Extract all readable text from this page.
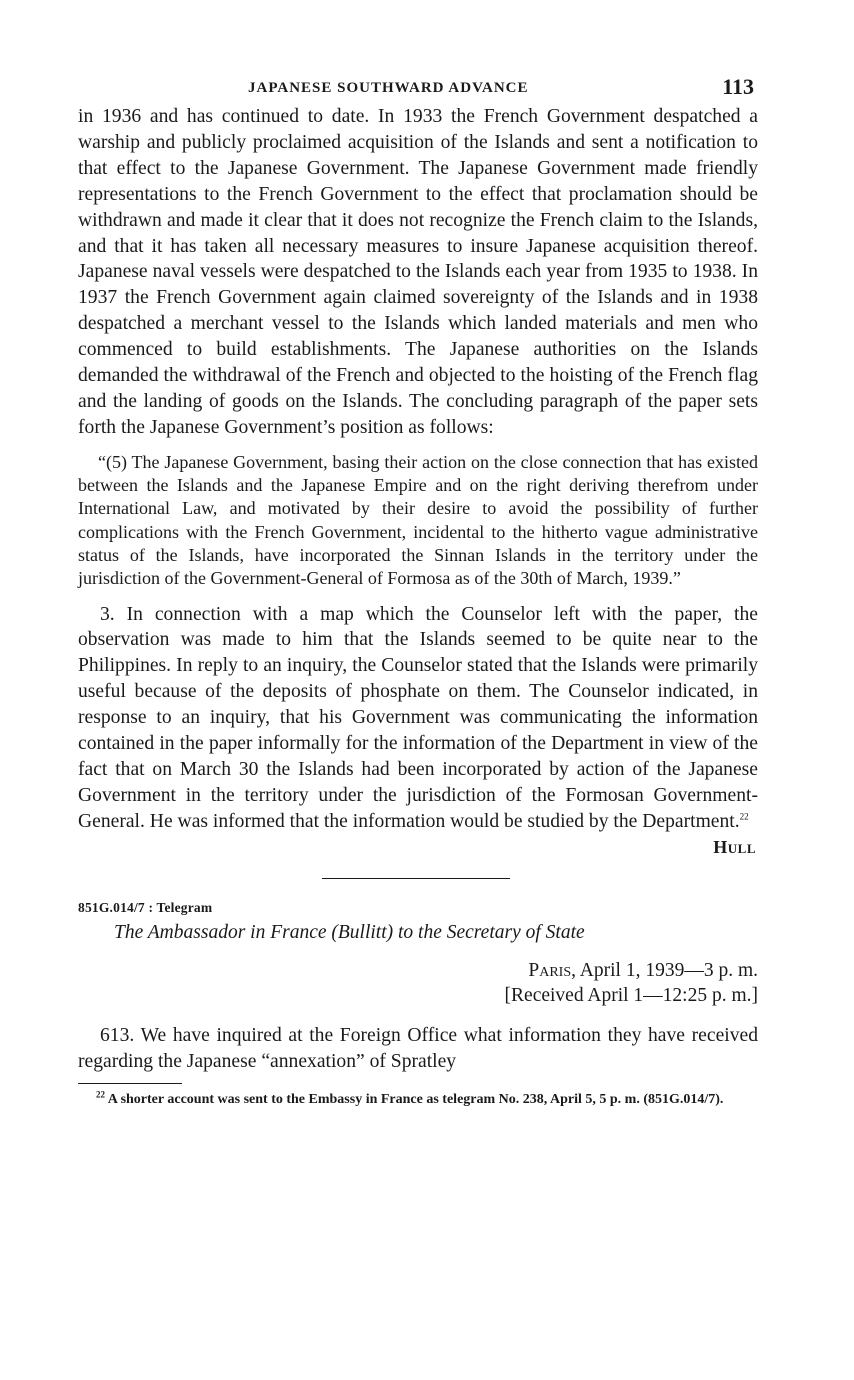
JAPANESE SOUTHWARD ADVANCE	113

in 1936 and has continued to date. In 1933 the French Government despatched a warship and publicly proclaimed acquisition of the Islands and sent a notification to that effect to the Japanese Government. The Japanese Government made friendly representations to the French Government to the effect that proclamation should be withdrawn and made it clear that it does not recognize the French claim to the Islands, and that it has taken all necessary measures to insure Japanese acquisition thereof. Japanese naval vessels were despatched to the Islands each year from 1935 to 1938. In 1937 the French Government again claimed sovereignty of the Islands and in 1938 despatched a merchant vessel to the Islands which landed materials and men who commenced to build establishments. The Japanese authorities on the Islands demanded the withdrawal of the French and objected to the hoisting of the French flag and the landing of goods on the Islands. The concluding paragraph of the paper sets forth the Japanese Government’s position as follows:

“(5) The Japanese Government, basing their action on the close connection that has existed between the Islands and the Japanese Empire and on the right deriving therefrom under International Law, and motivated by their desire to avoid the possibility of further complications with the French Government, incidental to the hitherto vague administrative status of the Islands, have incorporated the Sinnan Islands in the territory under the jurisdiction of the Government-General of Formosa as of the 30th of March, 1939.”

3. In connection with a map which the Counselor left with the paper, the observation was made to him that the Islands seemed to be quite near to the Philippines. In reply to an inquiry, the Counselor stated that the Islands were primarily useful because of the deposits of phosphate on them. The Counselor indicated, in response to an inquiry, that his Government was communicating the information contained in the paper informally for the information of the Department in view of the fact that on March 30 the Islands had been incorporated by action of the Japanese Government in the territory under the jurisdiction of the Formosan Government-General. He was informed that the information would be studied by the Department.$^{22}$

Hull
851G.014/7 : Telegram
The Ambassador in France (Bullitt) to the Secretary of State
Paris, April 1, 1939—3 p. m.
[Received April 1—12:25 p. m.]

613. We have inquired at the Foreign Office what information they have received regarding the Japanese “annexation” of Spratley

$^{22}$ A shorter account was sent to the Embassy in France as telegram No. 238, April 5, 5 p. m. (851G.014/7).
